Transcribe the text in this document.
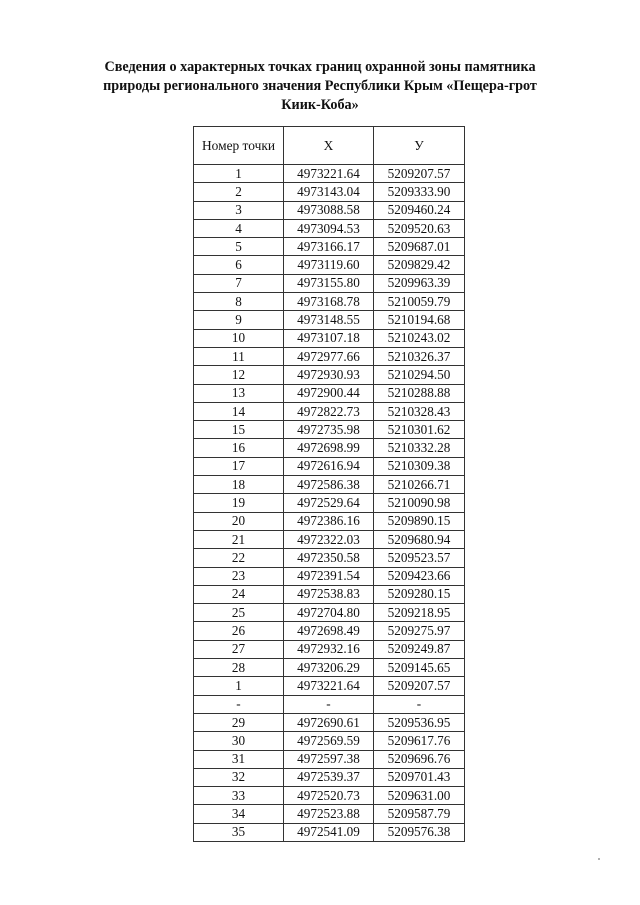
Сведения о характерных точках границ охранной зоны памятника
природы регионального значения Республики Крым «Пещера-грот
Киик-Коба»
Номер точки	X	У
1	4973221.64	5209207.57
2	4973143.04	5209333.90
3	4973088.58	5209460.24
4	4973094.53	5209520.63
5	4973166.17	5209687.01
6	4973119.60	5209829.42
7	4973155.80	5209963.39
8	4973168.78	5210059.79
9	4973148.55	5210194.68
10	4973107.18	5210243.02
11	4972977.66	5210326.37
12	4972930.93	5210294.50
13	4972900.44	5210288.88
14	4972822.73	5210328.43
15	4972735.98	5210301.62
16	4972698.99	5210332.28
17	4972616.94	5210309.38
18	4972586.38	5210266.71
19	4972529.64	5210090.98
20	4972386.16	5209890.15
21	4972322.03	5209680.94
22	4972350.58	5209523.57
23	4972391.54	5209423.66
24	4972538.83	5209280.15
25	4972704.80	5209218.95
26	4972698.49	5209275.97
27	4972932.16	5209249.87
28	4973206.29	5209145.65
1	4973221.64	5209207.57
-	-	-
29	4972690.61	5209536.95
30	4972569.59	5209617.76
31	4972597.38	5209696.76
32	4972539.37	5209701.43
33	4972520.73	5209631.00
34	4972523.88	5209587.79
35	4972541.09	5209576.38
